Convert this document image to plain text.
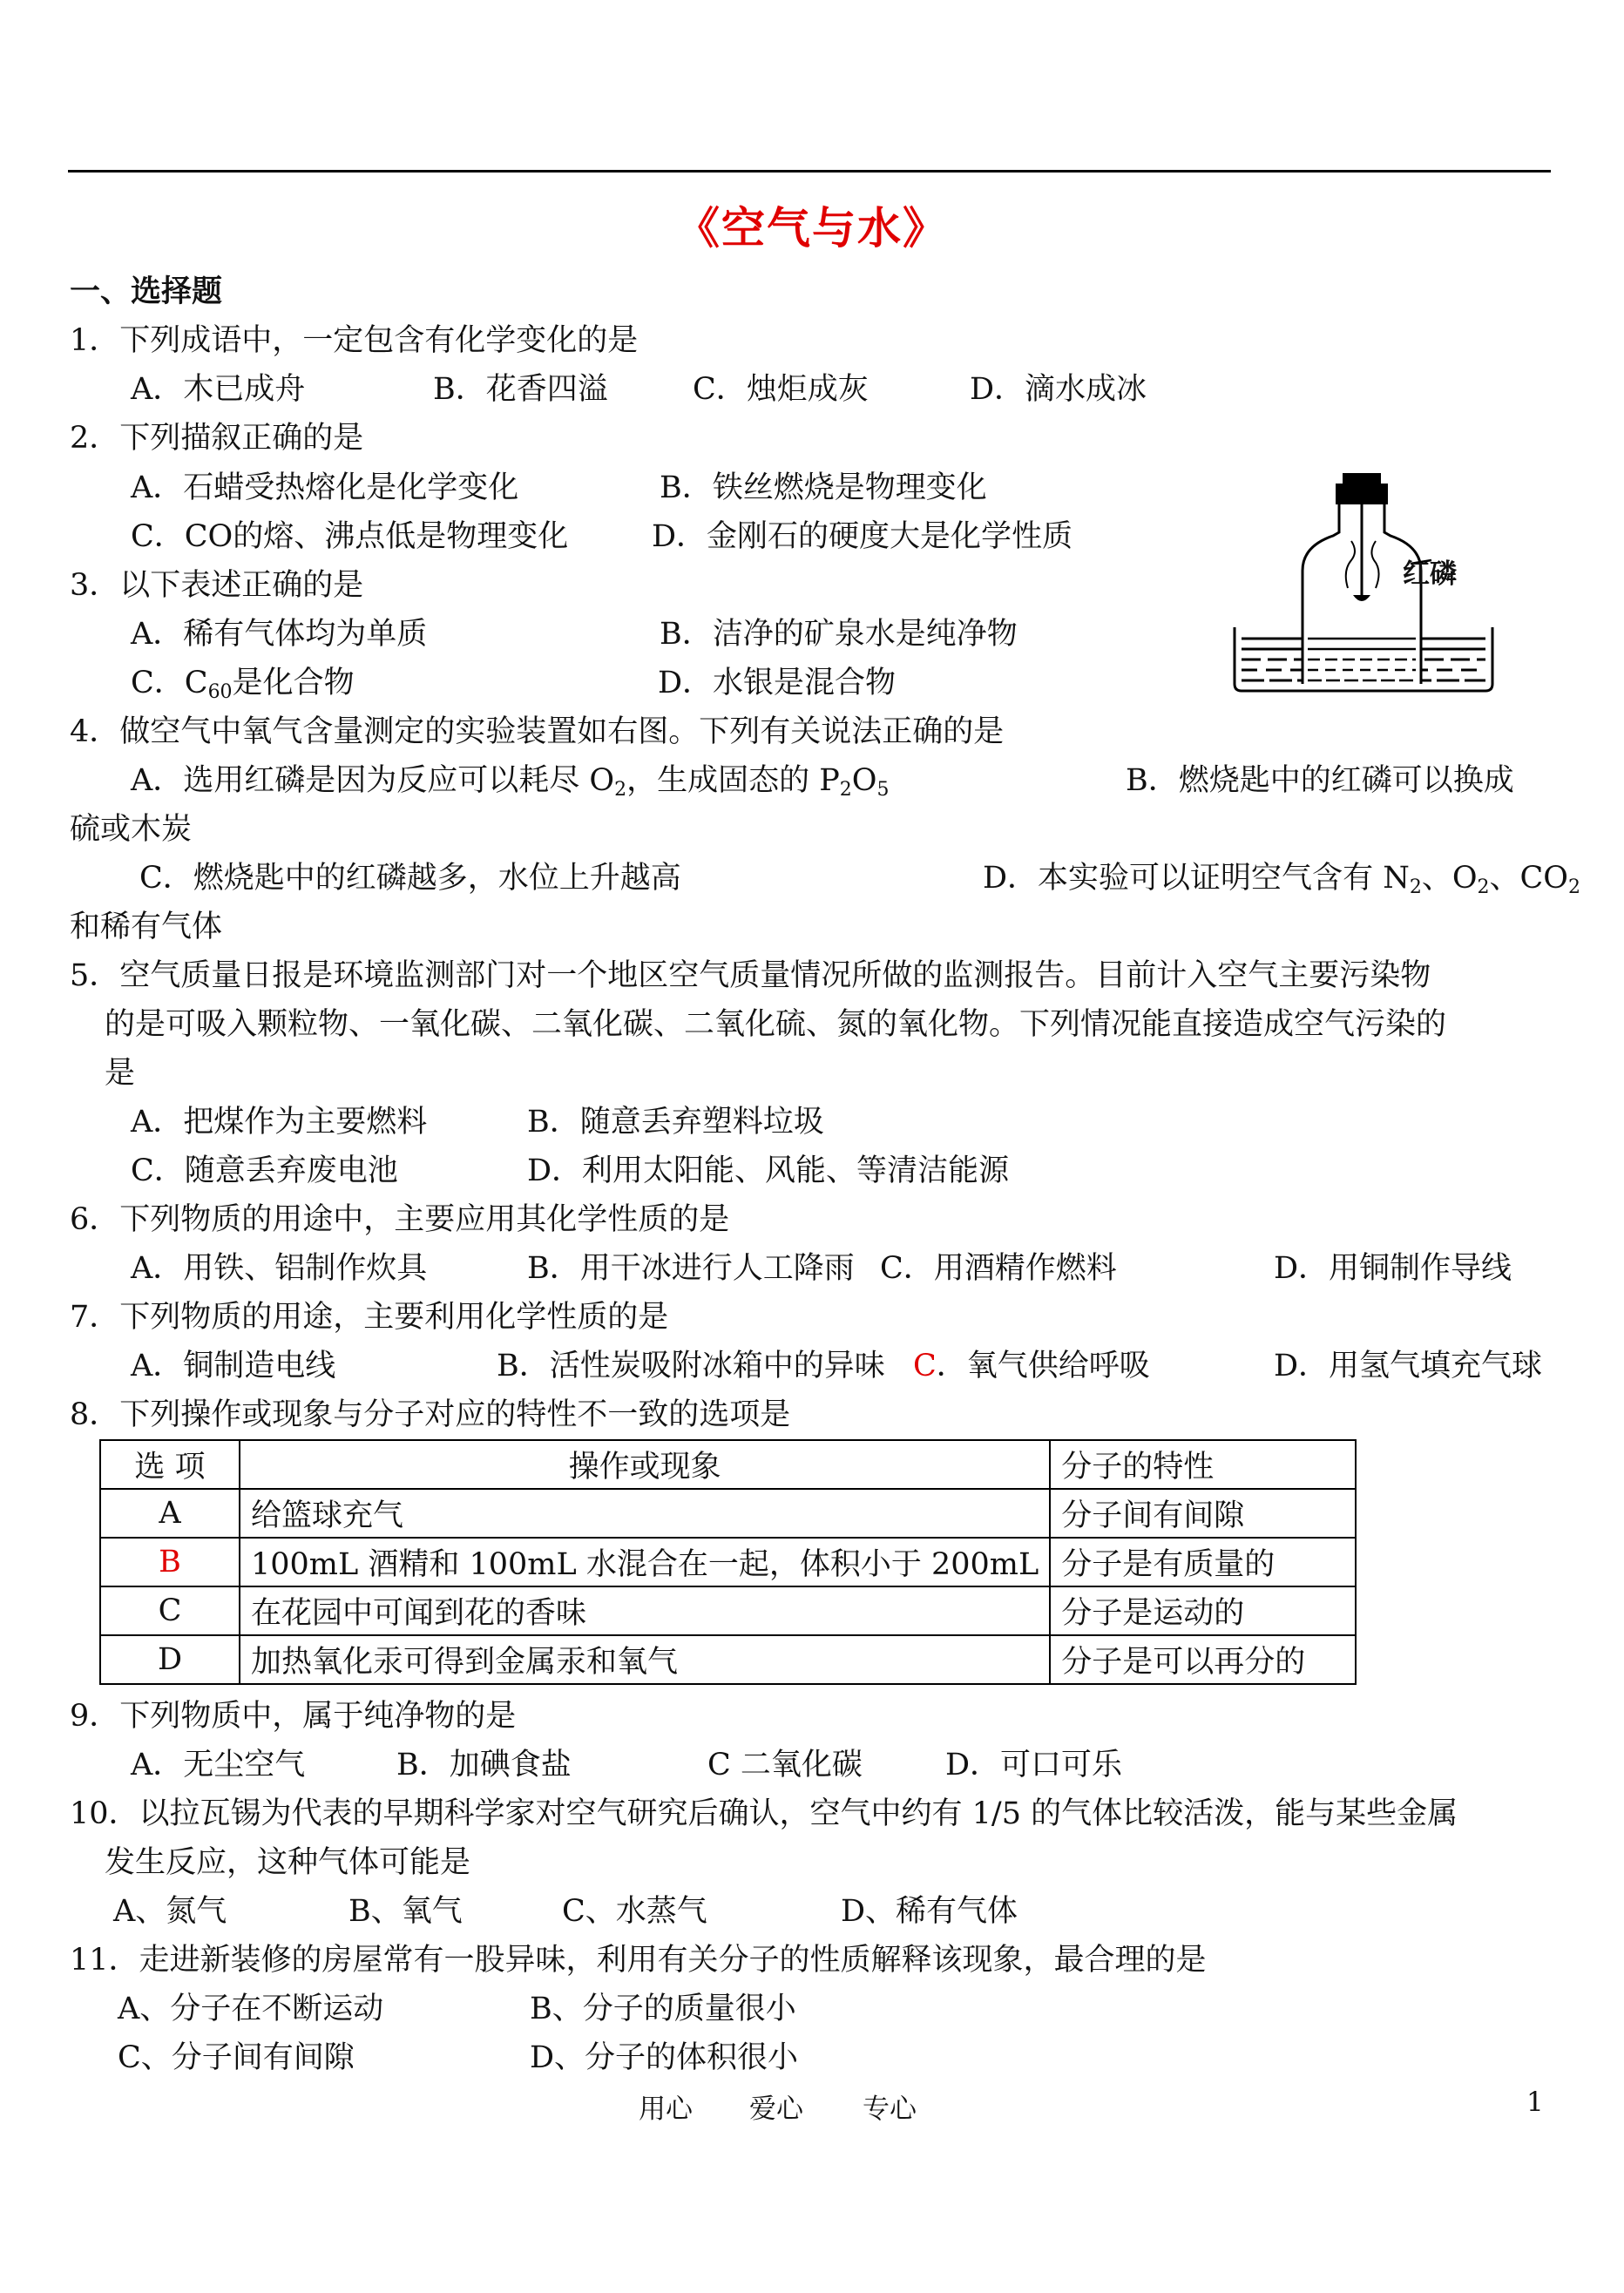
《空气与水》
一、选择题
1．下列成语中，一定包含有化学变化的是
A．木已成舟	B．花香四溢	C．烛炬成灰	D．滴水成冰
2．下列描叙正确的是
A．石蜡受热熔化是化学变化	B．铁丝燃烧是物理变化
C．CO的熔、沸点低是物理变化	D．金刚石的硬度大是化学性质
3．以下表述正确的是
A．稀有气体均为单质	B．洁净的矿泉水是纯净物
C．$C_{60}$是化合物	D．水银是混合物
红磷
4．做空气中氧气含量测定的实验装置如右图。下列有关说法正确的是
A．选用红磷是因为反应可以耗尽 $O_2$，生成固态的 $P_2O_5$	B．燃烧匙中的红磷可以换成
硫或木炭
C．燃烧匙中的红磷越多，水位上升越高	D．本实验可以证明空气含有 $N_2$、$O_2$、$CO_2$
和稀有气体
5．空气质量日报是环境监测部门对一个地区空气质量情况所做的监测报告。目前计入空气主要污染物
的是可吸入颗粒物、一氧化碳、二氧化碳、二氧化硫、氮的氧化物。下列情况能直接造成空气污染的
是
A．把煤作为主要燃料	B．随意丢弃塑料垃圾
C．随意丢弃废电池	D．利用太阳能、风能、等清洁能源
6．下列物质的用途中，主要应用其化学性质的是
A．用铁、铝制作炊具	B．用干冰进行人工降雨 C．用酒精作燃料	D．用铜制作导线
7．下列物质的用途，主要利用化学性质的是
A．铜制造电线	B．活性炭吸附冰箱中的异味 C．氧气供给呼吸	D．用氢气填充气球
8．下列操作或现象与分子对应的特性不一致的选项是
选 项	操作或现象	分子的特性
A	给篮球充气	分子间有间隙
B	100mL 酒精和 100mL 水混合在一起，体积小于 200mL	分子是有质量的
C	在花园中可闻到花的香味	分子是运动的
D	加热氧化汞可得到金属汞和氧气	分子是可以再分的
9．下列物质中，属于纯净物的是
A．无尘空气	B．加碘食盐	C 二氧化碳	D．可口可乐
10．以拉瓦锡为代表的早期科学家对空气研究后确认，空气中约有 1/5 的气体比较活泼，能与某些金属
发生反应，这种气体可能是
A、氮气	B、氧气	C、水蒸气	D、稀有气体
11．走进新装修的房屋常有一股异味，利用有关分子的性质解释该现象，最合理的是
A、分子在不断运动	B、分子的质量很小
C、分子间有间隙	D、分子的体积很小
用心 爱心 专心	1
